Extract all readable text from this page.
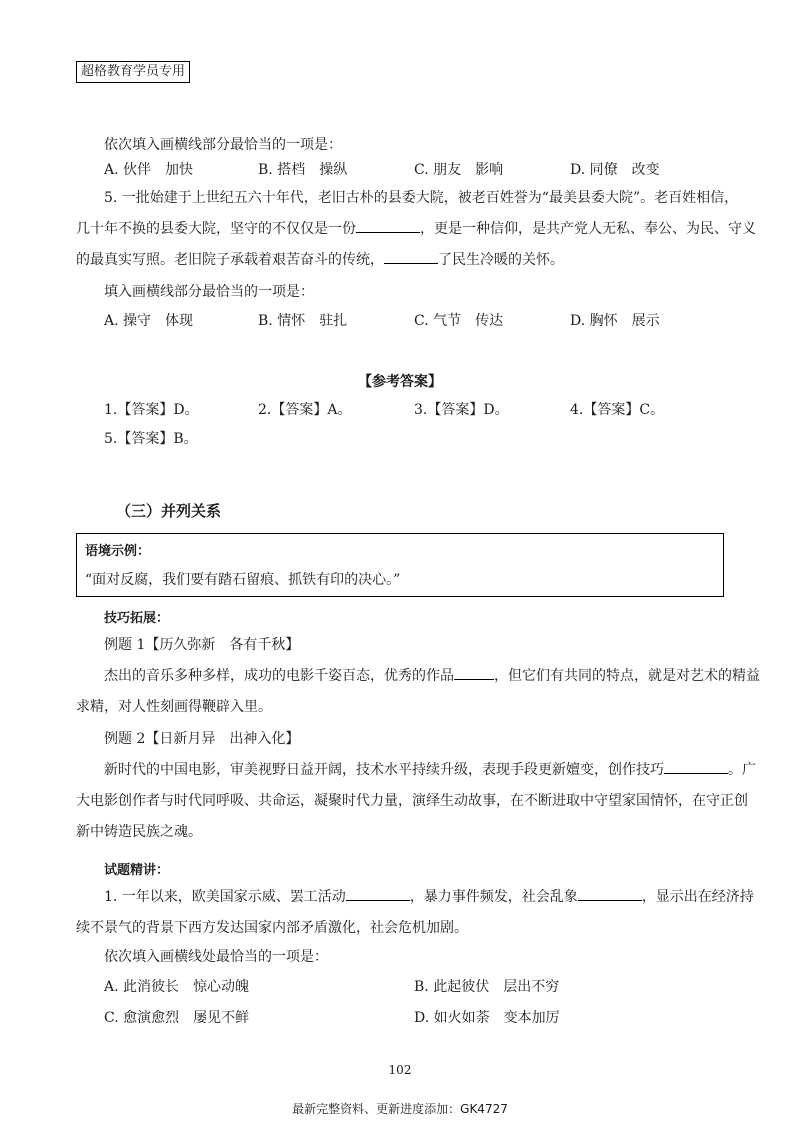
超格教育学员专用
依次填入画横线部分最恰当的一项是：
A. 伙伴　加快	B. 搭档　操纵	C. 朋友　影响	D. 同僚　改变
5. 一批始建于上世纪五六十年代，老旧古朴的县委大院，被老百姓誉为“最美县委大院”。老百姓相信，
几十年不换的县委大院，坚守的不仅仅是一份	，更是一种信仰，是共产党人无私、奉公、为民、守义
的最真实写照。老旧院子承载着艰苦奋斗的传统，	了民生冷暖的关怀。
填入画横线部分最恰当的一项是：
A. 操守　体现	B. 情怀　驻扎	C. 气节　传达	D. 胸怀　展示
【参考答案】
1.【答案】D。	2.【答案】A。	3.【答案】D。	4.【答案】C。
5.【答案】B。
（三）并列关系
语境示例：
“面对反腐，我们要有踏石留痕、抓铁有印的决心。”
技巧拓展：
例题 1【历久弥新　各有千秋】
杰出的音乐多种多样，成功的电影千姿百态，优秀的作品	，但它们有共同的特点，就是对艺术的精益
求精，对人性刻画得鞭辟入里。
例题 2【日新月异　出神入化】
新时代的中国电影，审美视野日益开阔，技术水平持续升级，表现手段更新嬗变，创作技巧	。广
大电影创作者与时代同呼吸、共命运，凝聚时代力量，演绎生动故事，在不断进取中守望家国情怀，在守正创
新中铸造民族之魂。
试题精讲：
1. 一年以来，欧美国家示威、罢工活动	，暴力事件频发，社会乱象	，显示出在经济持
续不景气的背景下西方发达国家内部矛盾激化，社会危机加剧。
依次填入画横线处最恰当的一项是：
A. 此消彼长　惊心动魄	B. 此起彼伏　层出不穷
C. 愈演愈烈　屡见不鲜	D. 如火如荼　变本加厉
102
最新完整资料、更新进度添加：GK4727
